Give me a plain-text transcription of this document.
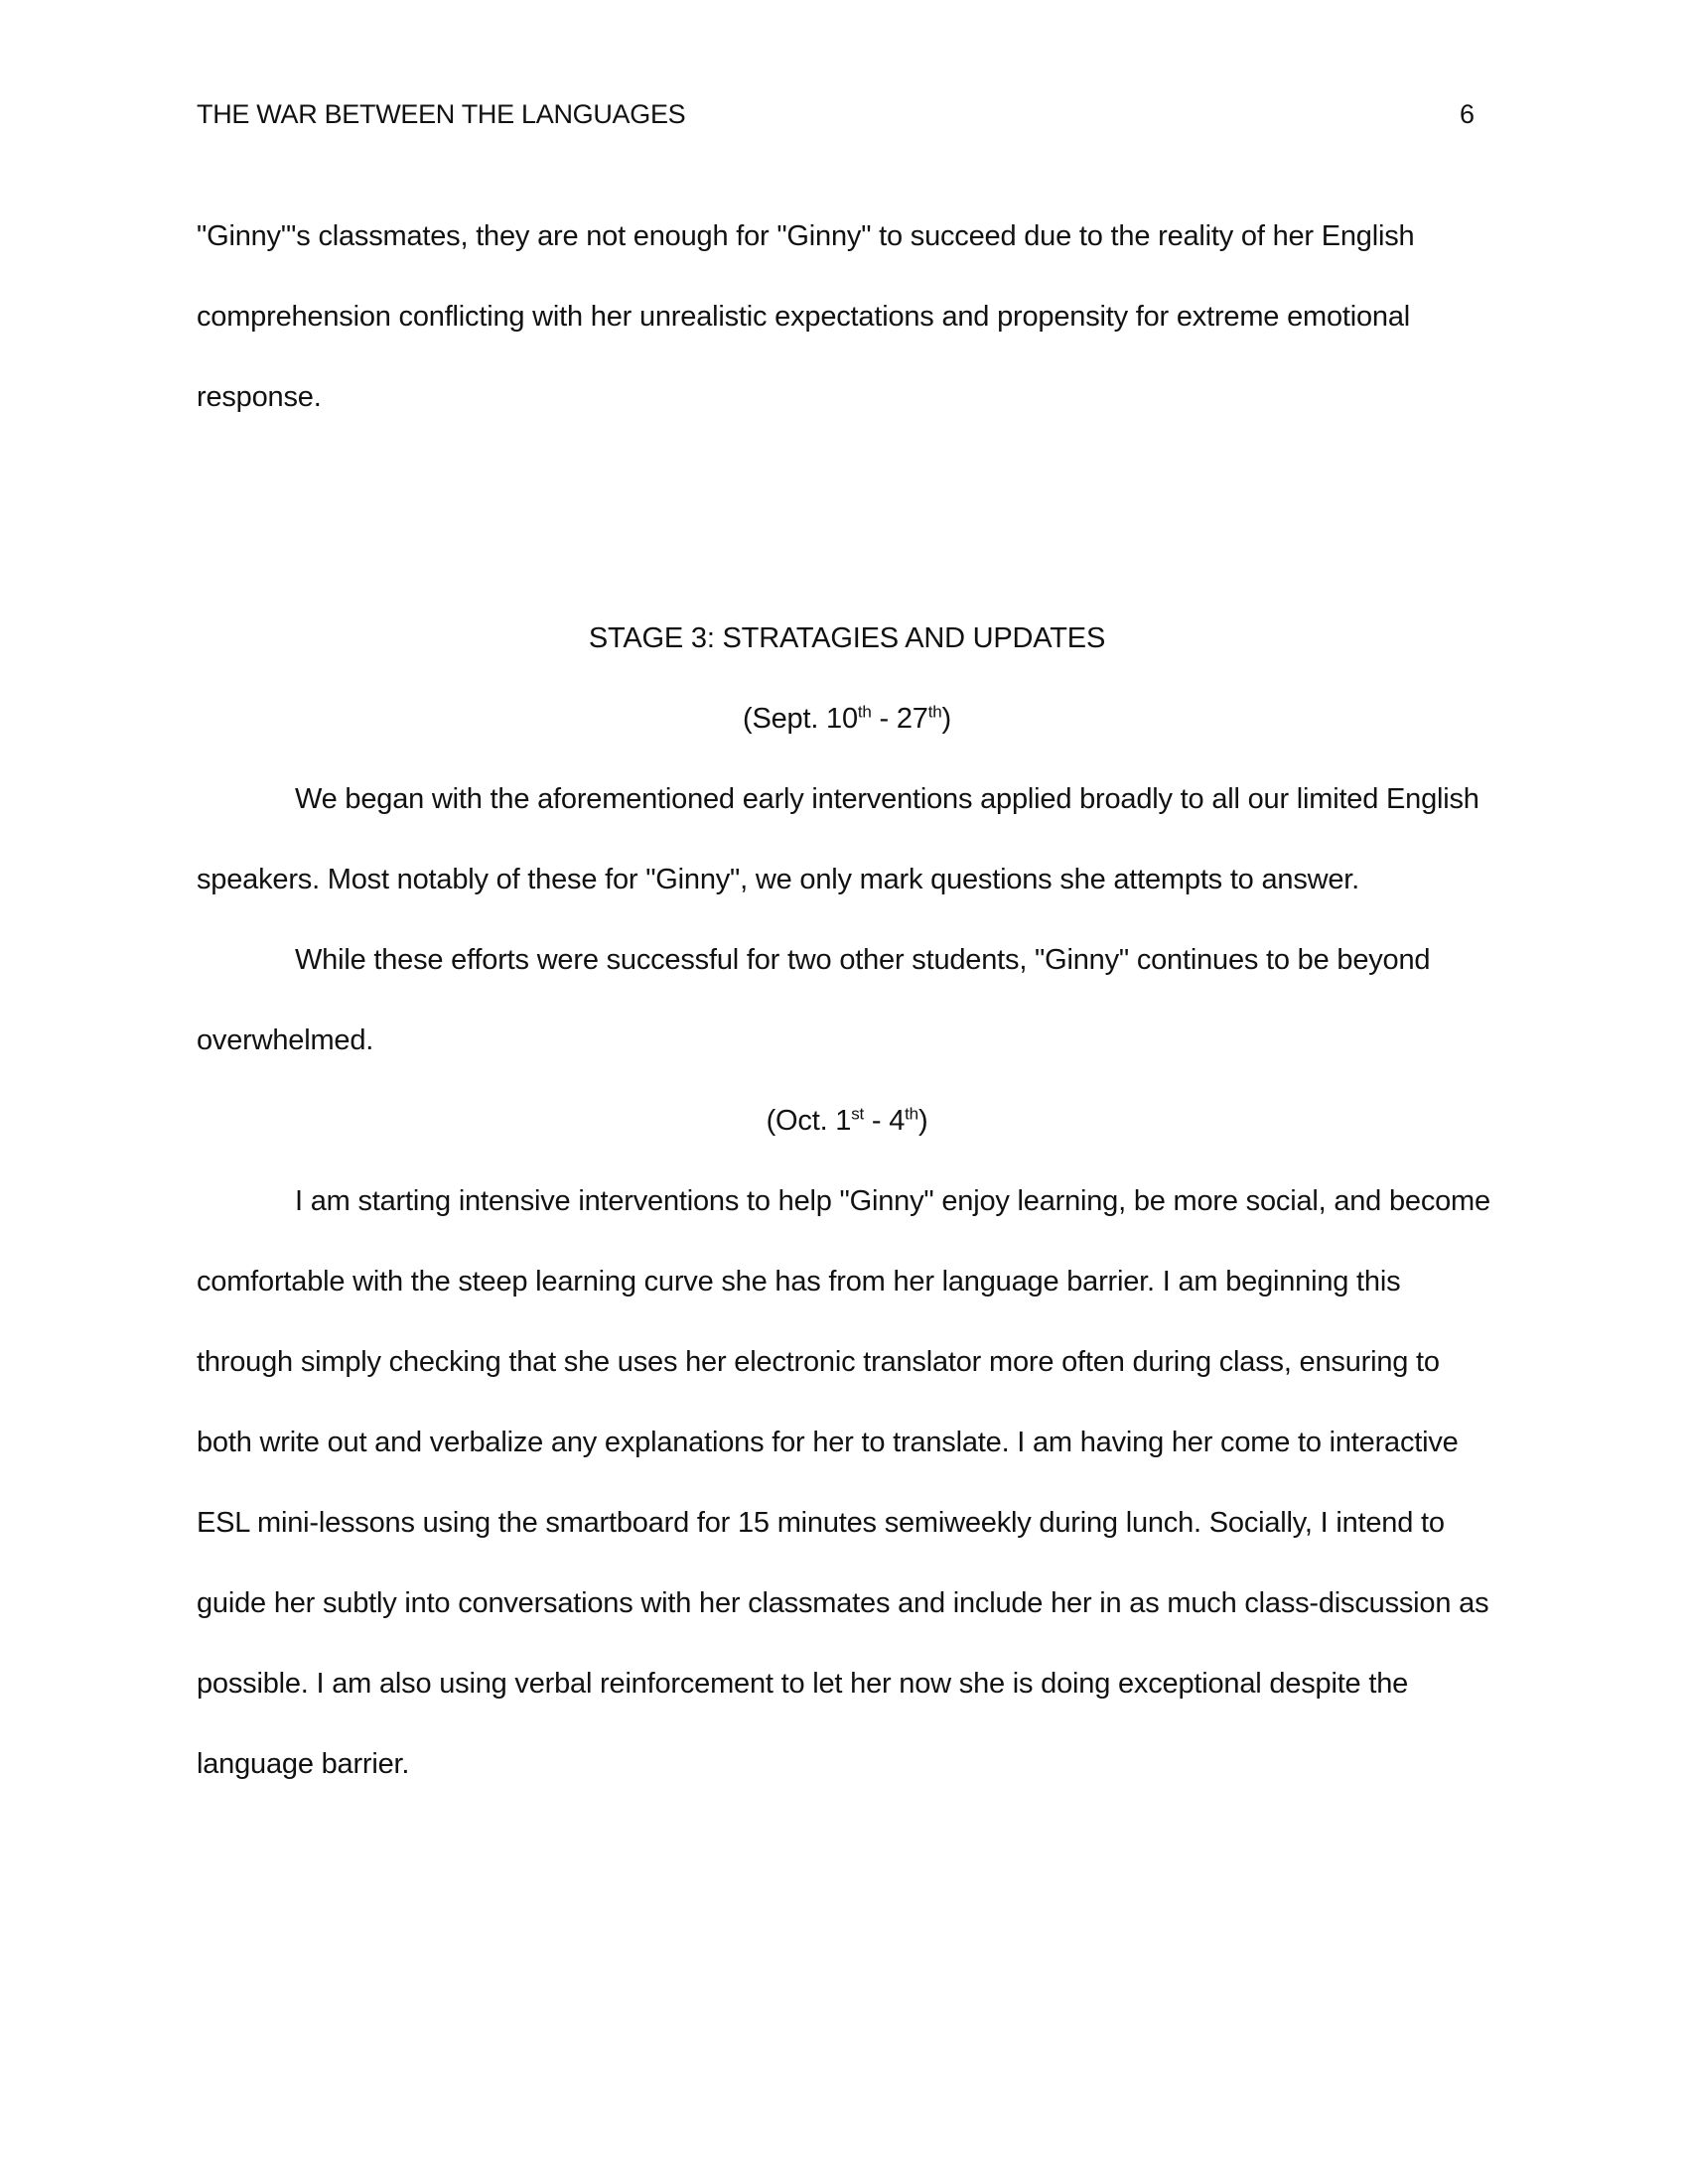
THE WAR BETWEEN THE LANGUAGES	6

"Ginny"'s classmates, they are not enough for "Ginny" to succeed due to the reality of her English comprehension conflicting with her unrealistic expectations and propensity for extreme emotional response.

STAGE 3: STRATAGIES AND UPDATES

(Sept. 10th - 27th)

We began with the aforementioned early interventions applied broadly to all our limited English speakers. Most notably of these for "Ginny", we only mark questions she attempts to answer.

While these efforts were successful for two other students, "Ginny" continues to be beyond overwhelmed.

(Oct. 1st - 4th)

I am starting intensive interventions to help "Ginny" enjoy learning, be more social, and become comfortable with the steep learning curve she has from her language barrier. I am beginning this through simply checking that she uses her electronic translator more often during class, ensuring to both write out and verbalize any explanations for her to translate. I am having her come to interactive ESL mini-lessons using the smartboard for 15 minutes semiweekly during lunch. Socially, I intend to guide her subtly into conversations with her classmates and include her in as much class-discussion as possible. I am also using verbal reinforcement to let her now she is doing exceptional despite the language barrier.
